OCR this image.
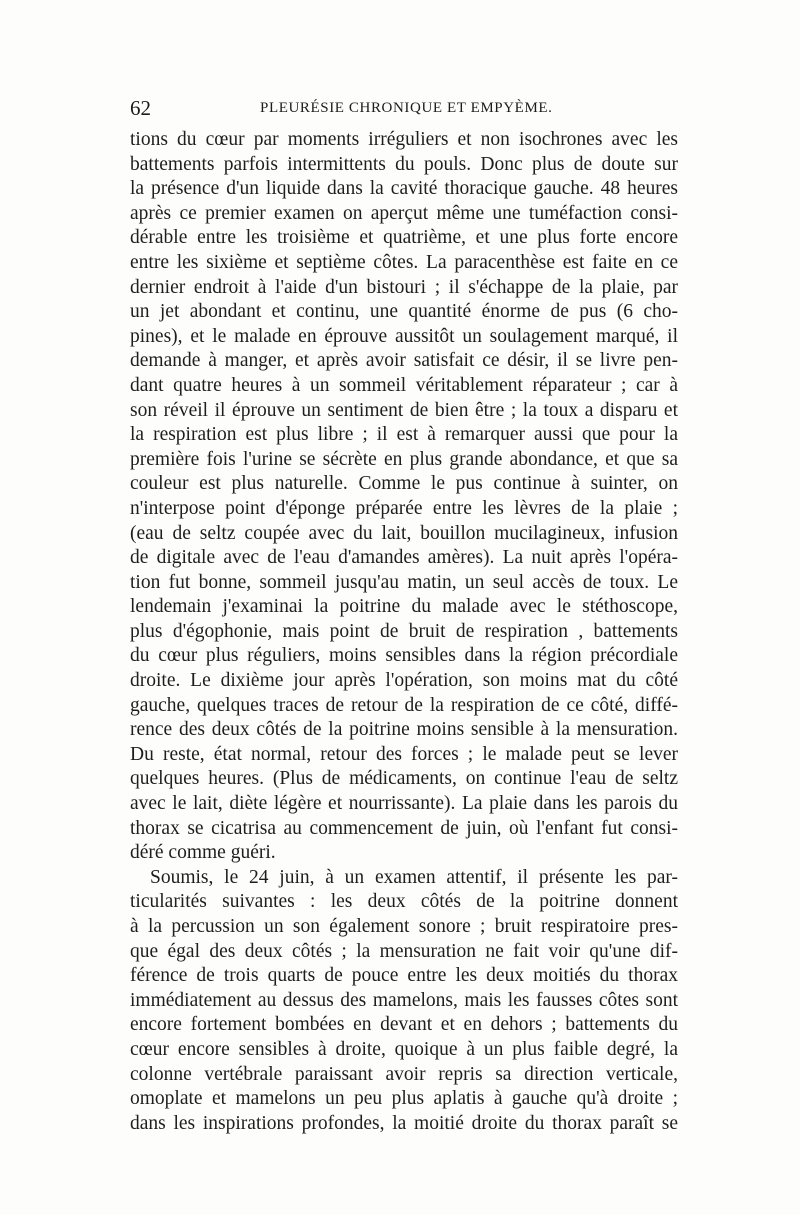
62	PLEURÉSIE CHRONIQUE ET EMPYÈME.
tions du cœur par moments irréguliers et non isochrones avec les
battements parfois intermittents du pouls. Donc plus de doute sur
la présence d'un liquide dans la cavité thoracique gauche. 48 heures
après ce premier examen on aperçut même une tuméfaction consi-
dérable entre les troisième et quatrième, et une plus forte encore
entre les sixième et septième côtes. La paracenthèse est faite en ce
dernier endroit à l'aide d'un bistouri ; il s'échappe de la plaie, par
un jet abondant et continu, une quantité énorme de pus (6 cho-
pines), et le malade en éprouve aussitôt un soulagement marqué, il
demande à manger, et après avoir satisfait ce désir, il se livre pen-
dant quatre heures à un sommeil véritablement réparateur ; car à
son réveil il éprouve un sentiment de bien être ; la toux a disparu et
la respiration est plus libre ; il est à remarquer aussi que pour la
première fois l'urine se sécrète en plus grande abondance, et que sa
couleur est plus naturelle. Comme le pus continue à suinter, on
n'interpose point d'éponge préparée entre les lèvres de la plaie ;
(eau de seltz coupée avec du lait, bouillon mucilagineux, infusion
de digitale avec de l'eau d'amandes amères). La nuit après l'opéra-
tion fut bonne, sommeil jusqu'au matin, un seul accès de toux. Le
lendemain j'examinai la poitrine du malade avec le stéthoscope,
plus d'égophonie, mais point de bruit de respiration , battements
du cœur plus réguliers, moins sensibles dans la région précordiale
droite. Le dixième jour après l'opération, son moins mat du côté
gauche, quelques traces de retour de la respiration de ce côté, diffé-
rence des deux côtés de la poitrine moins sensible à la mensuration.
Du reste, état normal, retour des forces ; le malade peut se lever
quelques heures. (Plus de médicaments, on continue l'eau de seltz
avec le lait, diète légère et nourrissante). La plaie dans les parois du
thorax se cicatrisa au commencement de juin, où l'enfant fut consi-
déré comme guéri.
Soumis, le 24 juin, à un examen attentif, il présente les par-
ticularités suivantes : les deux côtés de la poitrine donnent
à la percussion un son également sonore ; bruit respiratoire pres-
que égal des deux côtés ; la mensuration ne fait voir qu'une dif-
férence de trois quarts de pouce entre les deux moitiés du thorax
immédiatement au dessus des mamelons, mais les fausses côtes sont
encore fortement bombées en devant et en dehors ; battements du
cœur encore sensibles à droite, quoique à un plus faible degré, la
colonne vertébrale paraissant avoir repris sa direction verticale,
omoplate et mamelons un peu plus aplatis à gauche qu'à droite ;
dans les inspirations profondes, la moitié droite du thorax paraît se
